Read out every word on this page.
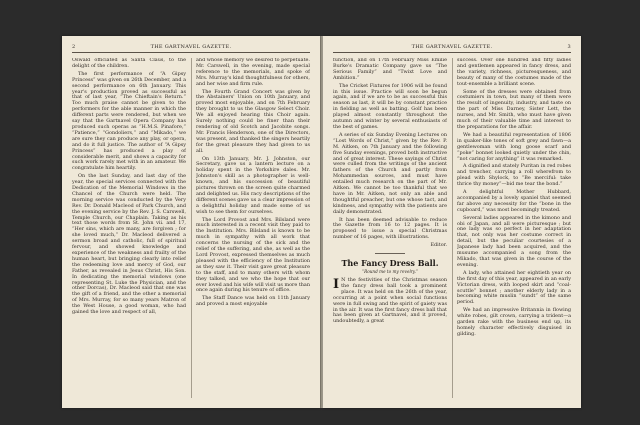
2	THE GARTNAVEL GAZETTE.

Oswald officiated as Santa Claus, to the delight of the children.

The first performance of “A Gipsy Princess” was given on 26th December, and a second performance on 6th January. This year's production proved as successful as that of last year, “The Chieftain's Return.” Too much praise cannot be given to the performers for the able manner in which the different parts were rendered, but when we say that the Gartnavel Opera Company has produced such operas as “H.M.S. Pinafore,” “Patience,” “Gondoliers,” and “Mikado,” we are sure they can produce any play, or opera, and do it full justice. The author of “A Gipsy Princess” has produced a play of considerable merit, and shows a capacity for such work rarely met with in an amateur. We congratulate him heartily.

On the last Sunday, and last day of the year, the special services connected with the Dedication of the Memorial Windows in the Chancel of the Church were held. The morning service was conducted by the Very Rev. Dr. Donald Macleod of Park Church, and the evening service by the Rev. J. S. Carswell, Temple Church, our Chaplain. Taking as his text those words from St. John vii. and 17, “Her sins, which are many, are forgiven ; for she loved much,” Dr. Macleod delivered a sermon broad and catholic, full of spiritual fervour, and showed knowledge and experience of the weakness and frailty of the human heart, but bringing clearly into relief the redeeming love and mercy of God, our Father, as revealed in Jesus Christ, His Son. In dedicating the memorial windows (one representing St. Luke the Physician, and the other Dorcas), Dr. Macleod said that one was the gift of a friend, and the other a memorial of Mrs. Murray, for so many years Matron of the West House, a good woman, who had gained the love and respect of all,

and whose memory we desired to perpetuate. Mr. Carswell, in the evening, made special reference to the memorials, and spoke of Mrs. Murray's kind thoughtfulness for others, and her wise and firm rule.

The Fourth Grand Concert was given by the Abstainers' Union on 10th January, and proved most enjoyable, and on 7th February they brought to us the Glasgow Select Choir. We all enjoyed hearing this Choir again. Surely nothing could be finer than their rendering of old Scotch and Jacobite songs. Mr. Francis Henderson, one of the Directors, was present, and thanked the singers heartily for the great pleasure they had given to us all.

On 13th January, Mr. J. Johnston, our Secretary, gave us a lantern lecture on a holiday spent in the Yorkshire dales. Mr. Johnston's skill as a photographer is well-known, and his succession of beautiful pictures thrown on the screen quite charmed and delighted us. His racy descriptions of the different scenes gave us a clear impression of a delightful holiday and made some of us wish to see them for ourselves.

The Lord Provost and Mrs. Bilsland were much interested in a recent visit they paid to the Institution. Mrs. Bilsland is known to be much in sympathy with all work that concerns the nursing of the sick and the relief of the suffering, and she, as well as the Lord Provost, expressed themselves as much pleased with the efficiency of the Institution as they saw it. Their visit gave great pleasure to the staff, and to many others with whom they talked, and we who the hope that our ever loved and his wife will visit us more than once again during his tenure of office.

The Staff Dance was held on 11th January and proved a most enjoyable

THE GARTNAVEL GAZETTE.	3

function, and on 17th February Miss Emilie Burke's Dramatic Company gave us “The Serious Family” and “Twixt Love and Ambition.”

The Cricket Fixtures for 1906 will be found in this issue. Practice will soon be begun again, and if we are to be as successful this season as last, it will be by constant practice in fielding as well as batting. Golf has been played almost constantly throughout the autumn and winter by several enthusiasts of the best of games.

A series of six Sunday Evening Lectures on “Lost Words of Christ,” given by the Rev. P. M. Aitken, on 7th January and the following five Sunday evenings, proved both instructive and of great interest. These sayings of Christ were culled from the writings of the ancient fathers of the Church and partly from Mohammedan sources, and must have entailed much research on the part of Mr. Aitken. We cannot be too thankful that we have in Mr. Aitken, not only an able and thoughtful preacher, but one whose tact, and kindness, and sympathy with the patients are daily demonstrated.

It has been deemed advisable to reduce the Gazette from 16 to 12 pages. It is proposed to issue a special Christmas number of 16 pages, with illustrations.

Editor.

The Fancy Dress Ball.
“Round me to my revelry.”

I N the festivities of the Christmas season the fancy dress ball took a prominent place. It was held on the 26th of the year, occurring at a point when social functions were in full swing and the spirit of gaiety was in the air. It was the first fancy dress ball that has been given at Gartnavel, and it proved, undoubtedly, a great

success. Over one hundred and fifty ladies and gentlemen appeared in fancy dress, and the variety, richness, picturesqueness, and beauty of many of the costumes made of the tout-ensemble a brilliant scene.

Some of the dresses were obtained from costumiers in town, but many of them were the result of ingenuity, industry, and taste on the part of Miss Darney, Sister Lett, the nurses, and Mr. Smith, who must have given much of their valuable time and interest to the preparations for the affair.

We had a beautiful representation of 1806 in quaker-like tones of soft grey and fawn—a gentlewoman with long goose scarf and “poke” bonnet looked quietly under the chin, “not caring for anything” it was remarked.

A dignified and stately Puritan in red robes and trencher, carrying a roll wherefrom to plead with Shylock, to “Be merciful: take thrice thy money”—bid me tear the bond.”

A delightful Mother Hubbard, accompanied by a lovely spaniel that seemed far above any necessity for the “bone in the cupboard,” was most becomingly treated.

Several ladies appeared in the kimono and obi of Japan, and all were picturesque ; but one lady was so perfect in her adaptation that, not only was her costume correct in detail, but the peculiar courtesies of a Japanese lady had been acquired, and the musume accompanied a song from the Mikado, that was given in the course of the evening.

A lady, who attained her eightieth year on the first day of this year, appeared in an early Victorian dress, with looped skirt and “coal-scuttle” bonnet ; another elderly lady in a becoming white muslin “sundt” of the same period.

We had an impressive Britannia in flowing white robes, gilt crown, carrying a trident—a garden rake with the business end up, its homely character effectively disguised in gilding.
